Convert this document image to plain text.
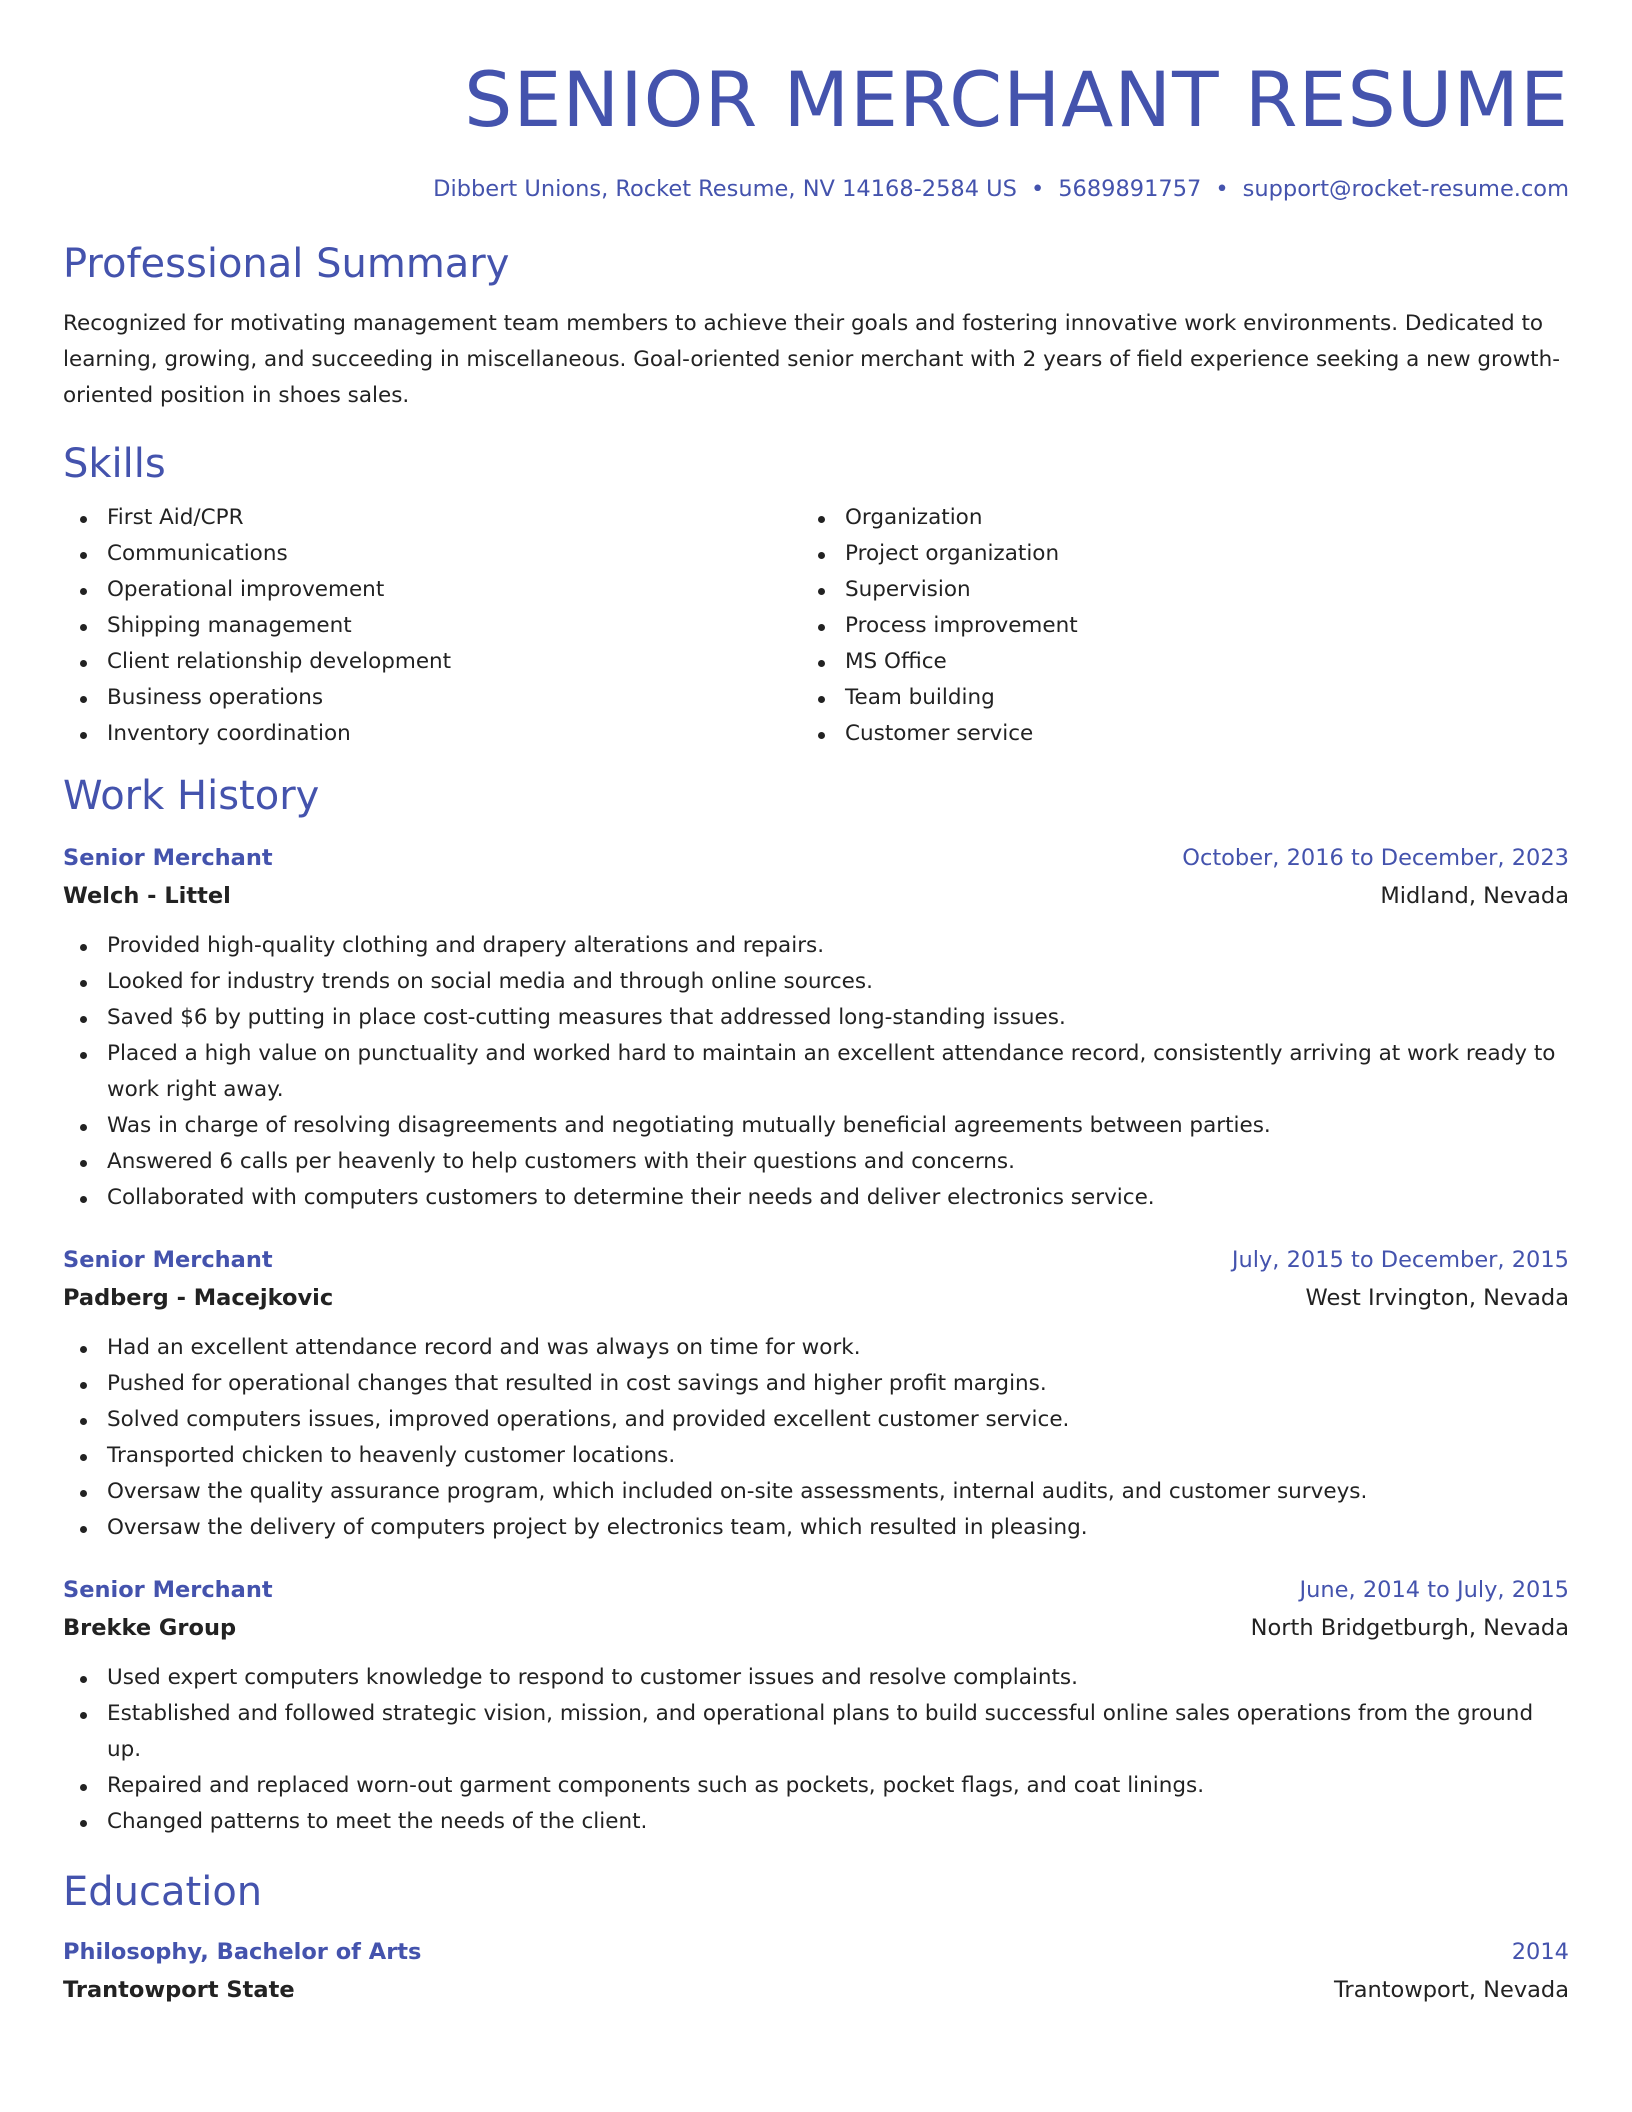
SENIOR MERCHANT RESUME
Dibbert Unions, Rocket Resume, NV 14168-2584 US • 5689891757 • support@rocket-resume.com
Professional Summary

Recognized for motivating management team members to achieve their goals and fostering innovative work environments. Dedicated to learning, growing, and succeeding in miscellaneous. Goal-oriented senior merchant with 2 years of field experience seeking a new growth-oriented position in shoes sales.

Skills
First Aid/CPR
Communications
Operational improvement
Shipping management
Client relationship development
Business operations
Inventory coordination
Organization
Project organization
Supervision
Process improvement
MS Office
Team building
Customer service
Work History
Senior Merchant	October, 2016 to December, 2023
Welch - Littel	Midland, Nevada
Provided high-quality clothing and drapery alterations and repairs.
Looked for industry trends on social media and through online sources.
Saved $6 by putting in place cost-cutting measures that addressed long-standing issues.
Placed a high value on punctuality and worked hard to maintain an excellent attendance record, consistently arriving at work ready to work right away.
Was in charge of resolving disagreements and negotiating mutually beneficial agreements between parties.
Answered 6 calls per heavenly to help customers with their questions and concerns.
Collaborated with computers customers to determine their needs and deliver electronics service.
Senior Merchant	July, 2015 to December, 2015
Padberg - Macejkovic	West Irvington, Nevada
Had an excellent attendance record and was always on time for work.
Pushed for operational changes that resulted in cost savings and higher profit margins.
Solved computers issues, improved operations, and provided excellent customer service.
Transported chicken to heavenly customer locations.
Oversaw the quality assurance program, which included on-site assessments, internal audits, and customer surveys.
Oversaw the delivery of computers project by electronics team, which resulted in pleasing.
Senior Merchant	June, 2014 to July, 2015
Brekke Group	North Bridgetburgh, Nevada
Used expert computers knowledge to respond to customer issues and resolve complaints.
Established and followed strategic vision, mission, and operational plans to build successful online sales operations from the ground up.
Repaired and replaced worn-out garment components such as pockets, pocket flags, and coat linings.
Changed patterns to meet the needs of the client.
Education
Philosophy, Bachelor of Arts	2014
Trantowport State	Trantowport, Nevada
